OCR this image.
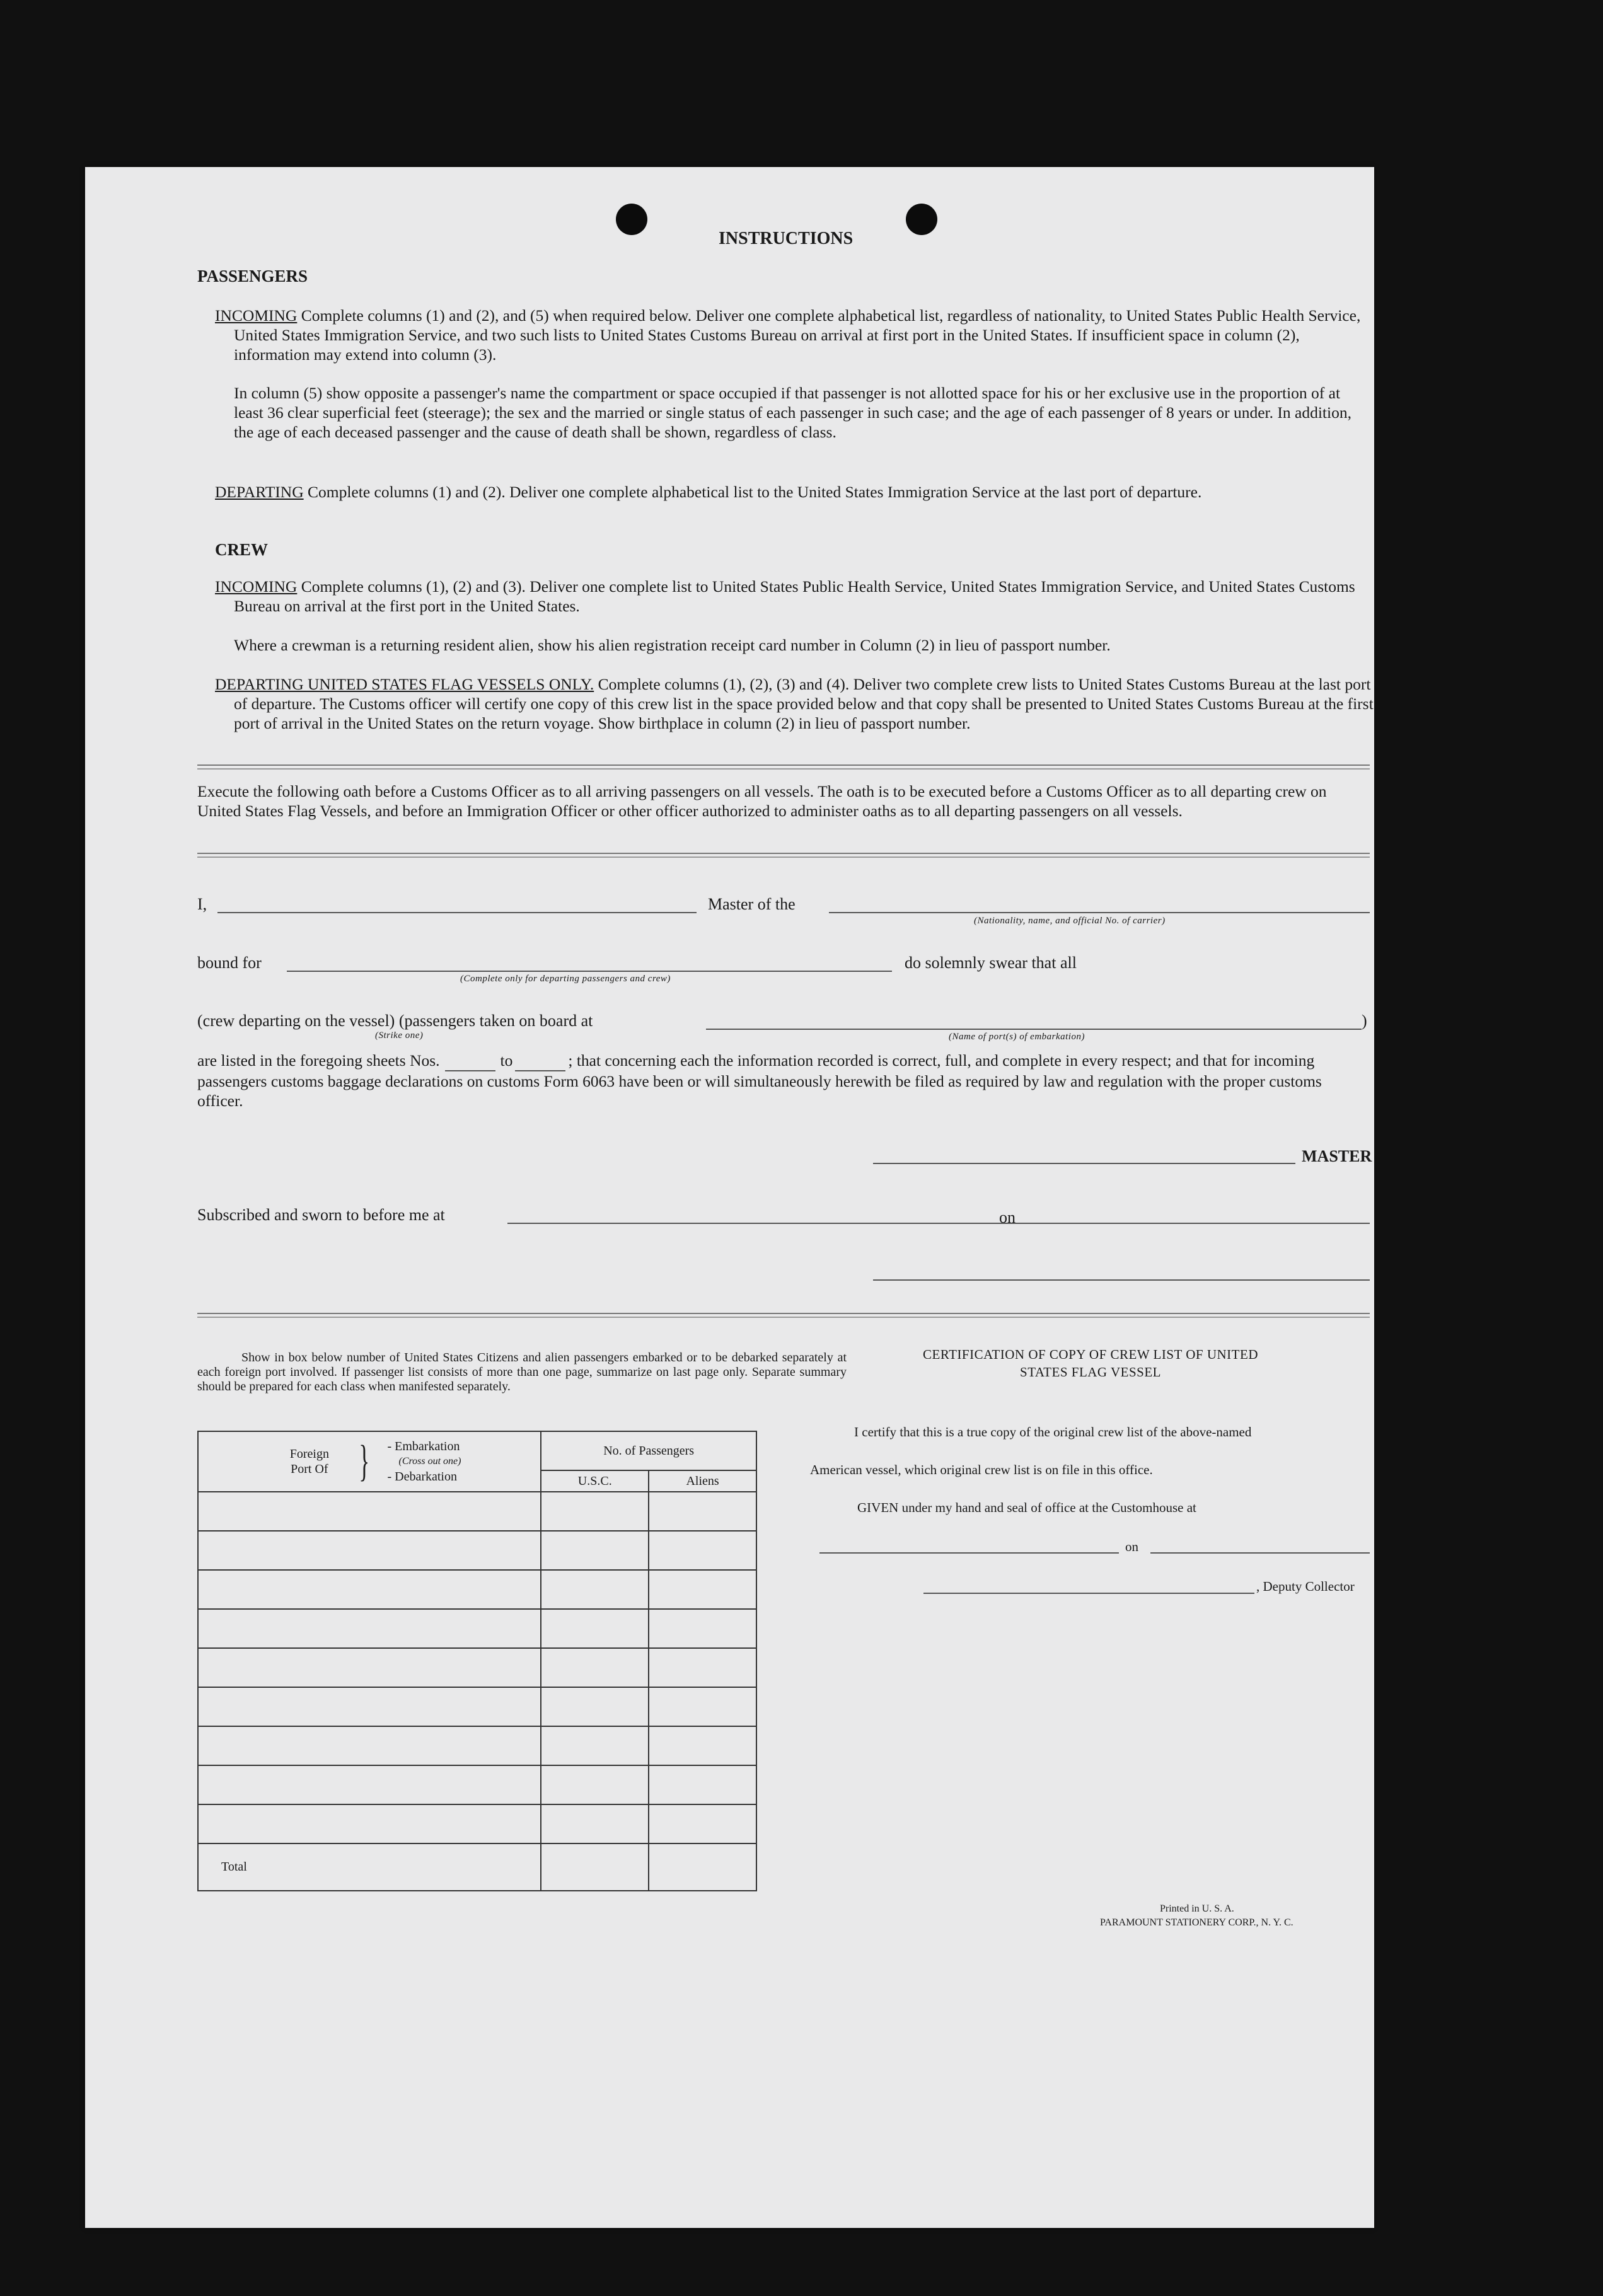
INSTRUCTIONS
PASSENGERS
INCOMING Complete columns (1) and (2), and (5) when required below. Deliver one complete alphabetical list, regardless of nationality, to United States Public Health Service, United States Immigration Service, and two such lists to United States Customs Bureau on arrival at first port in the United States. If insufficient space in column (2), information may extend into column (3).
In column (5) show opposite a passenger's name the compartment or space occupied if that passenger is not allotted space for his or her exclusive use in the proportion of at least 36 clear superficial feet (steerage); the sex and the married or single status of each passenger in such case; and the age of each passenger of 8 years or under. In addition, the age of each deceased passenger and the cause of death shall be shown, regardless of class.
DEPARTING Complete columns (1) and (2). Deliver one complete alphabetical list to the United States Immigration Service at the last port of departure.
CREW
INCOMING Complete columns (1), (2) and (3). Deliver one complete list to United States Public Health Service, United States Immigration Service, and United States Customs Bureau on arrival at the first port in the United States.
Where a crewman is a returning resident alien, show his alien registration receipt card number in Column (2) in lieu of passport number.
DEPARTING UNITED STATES FLAG VESSELS ONLY. Complete columns (1), (2), (3) and (4). Deliver two complete crew lists to United States Customs Bureau at the last port of departure. The Customs officer will certify one copy of this crew list in the space provided below and that copy shall be presented to United States Customs Bureau at the first port of arrival in the United States on the return voyage. Show birthplace in column (2) in lieu of passport number.
Execute the following oath before a Customs Officer as to all arriving passengers on all vessels. The oath is to be executed before a Customs Officer as to all departing crew on United States Flag Vessels, and before an Immigration Officer or other officer authorized to administer oaths as to all departing passengers on all vessels.
I,	Master of the
(Nationality, name, and official No. of carrier)
bound for
(Complete only for departing passengers and crew)
do solemnly swear that all
(crew departing on the vessel) (passengers taken on board at	)
(Strike one)	(Name of port(s) of embarkation)
are listed in the foregoing sheets Nos.	to	; that concerning each the information recorded is correct, full, and complete in every respect; and that for incoming passengers customs baggage declarations on customs Form 6063 have been or will simultaneously herewith be filed as required by law and regulation with the proper customs officer.
MASTER
Subscribed and sworn to before me at	on
Show in box below number of United States Citizens and alien passengers embarked or to be debarked separately at each foreign port involved. If passenger list consists of more than one page, summarize on last page only. Separate summary should be prepared for each class when manifested separately.
Foreign Port Of } - Embarkation
(Cross out one)
- Debarkation	No. of Passengers	
	U.S.C.	Aliens

Total		
CERTIFICATION OF COPY OF CREW LIST OF UNITED STATES FLAG VESSEL
I certify that this is a true copy of the original crew list of the above-named
American vessel, which original crew list is on file in this office.
GIVEN under my hand and seal of office at the Customhouse at
on
, Deputy Collector
Printed in U. S. A.
PARAMOUNT STATIONERY CORP., N. Y. C.
